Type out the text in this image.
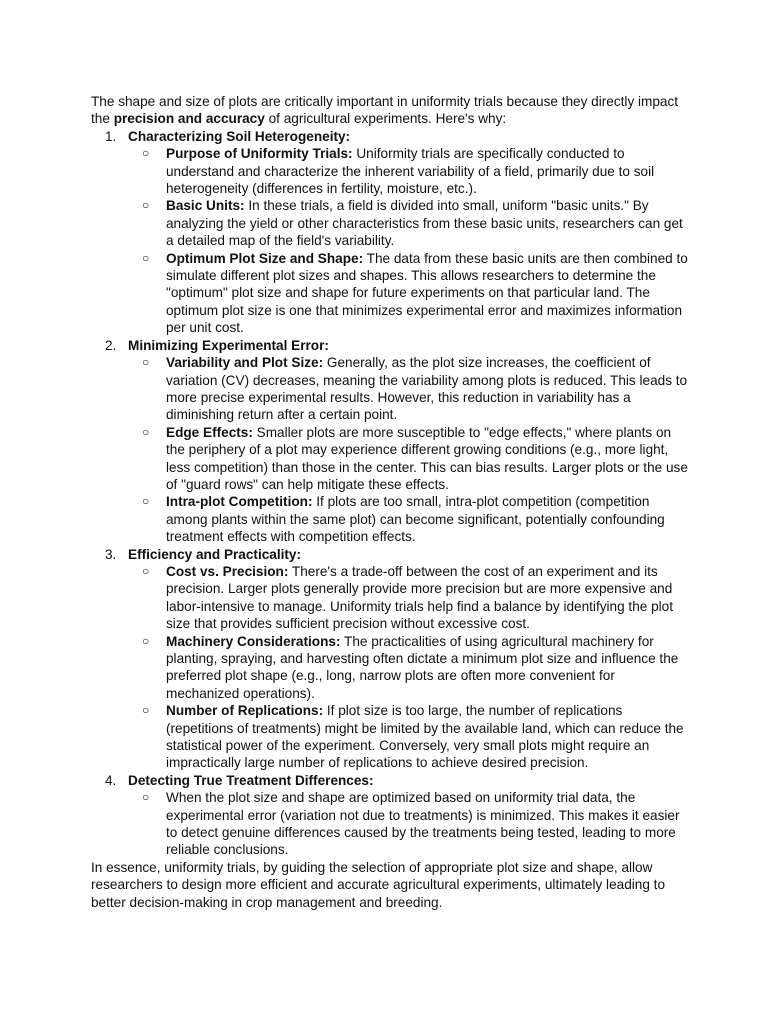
The shape and size of plots are critically important in uniformity trials because they directly impact the precision and accuracy of agricultural experiments. Here's why:

1. Characterizing Soil Heterogeneity:
○ Purpose of Uniformity Trials: Uniformity trials are specifically conducted to understand and characterize the inherent variability of a field, primarily due to soil heterogeneity (differences in fertility, moisture, etc.).
○ Basic Units: In these trials, a field is divided into small, uniform "basic units." By analyzing the yield or other characteristics from these basic units, researchers can get a detailed map of the field's variability.
○ Optimum Plot Size and Shape: The data from these basic units are then combined to simulate different plot sizes and shapes. This allows researchers to determine the "optimum" plot size and shape for future experiments on that particular land. The optimum plot size is one that minimizes experimental error and maximizes information per unit cost.
2. Minimizing Experimental Error:
○ Variability and Plot Size: Generally, as the plot size increases, the coefficient of variation (CV) decreases, meaning the variability among plots is reduced. This leads to more precise experimental results. However, this reduction in variability has a diminishing return after a certain point.
○ Edge Effects: Smaller plots are more susceptible to "edge effects," where plants on the periphery of a plot may experience different growing conditions (e.g., more light, less competition) than those in the center. This can bias results. Larger plots or the use of "guard rows" can help mitigate these effects.
○ Intra-plot Competition: If plots are too small, intra-plot competition (competition among plants within the same plot) can become significant, potentially confounding treatment effects with competition effects.
3. Efficiency and Practicality:
○ Cost vs. Precision: There's a trade-off between the cost of an experiment and its precision. Larger plots generally provide more precision but are more expensive and labor-intensive to manage. Uniformity trials help find a balance by identifying the plot size that provides sufficient precision without excessive cost.
○ Machinery Considerations: The practicalities of using agricultural machinery for planting, spraying, and harvesting often dictate a minimum plot size and influence the preferred plot shape (e.g., long, narrow plots are often more convenient for mechanized operations).
○ Number of Replications: If plot size is too large, the number of replications (repetitions of treatments) might be limited by the available land, which can reduce the statistical power of the experiment. Conversely, very small plots might require an impractically large number of replications to achieve desired precision.
4. Detecting True Treatment Differences:
○ When the plot size and shape are optimized based on uniformity trial data, the experimental error (variation not due to treatments) is minimized. This makes it easier to detect genuine differences caused by the treatments being tested, leading to more reliable conclusions.

In essence, uniformity trials, by guiding the selection of appropriate plot size and shape, allow researchers to design more efficient and accurate agricultural experiments, ultimately leading to better decision-making in crop management and breeding.
